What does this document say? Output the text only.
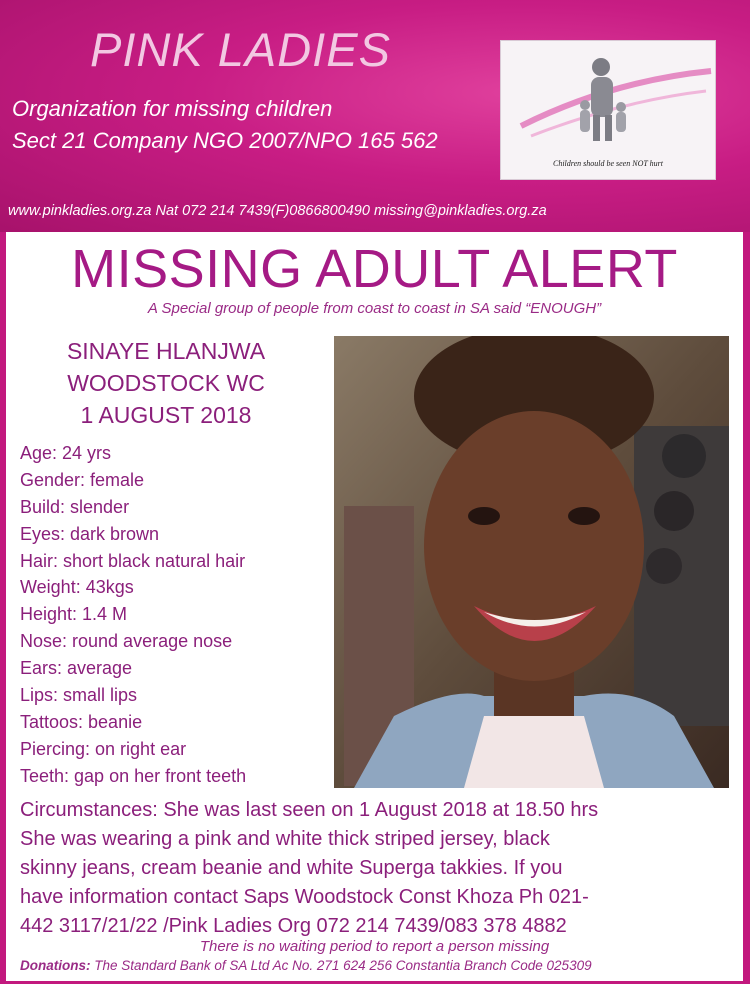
PINK LADIES
Organization for missing children
Sect 21 Company NGO 2007/NPO 165 562
Children should be seen NOT hurt
www.pinkladies.org.za Nat 072 214 7439(F)0866800490 missing@pinkladies.org.za
MISSING ADULT ALERT
A Special group of people from coast to coast in SA said “ENOUGH”
SINAYE HLANJWA
WOODSTOCK WC
1 AUGUST 2018
Age: 24 yrs
Gender: female
Build: slender
Eyes: dark brown
Hair: short black natural hair
Weight: 43kgs
Height: 1.4 M
Nose: round average nose
Ears: average
Lips: small lips
Tattoos: beanie
Piercing: on right ear
Teeth: gap on her front teeth
Circumstances: She was last seen on 1 August 2018 at 18.50 hrs
She was wearing a pink and white thick striped jersey, black
skinny jeans, cream beanie and white Superga takkies. If you
have information contact Saps Woodstock Const Khoza Ph 021-
442 3117/21/22 /Pink Ladies Org 072 214 7439/083 378 4882
There is no waiting period to report a person missing
Donations: The Standard Bank of SA Ltd Ac No. 271 624 256 Constantia Branch Code 025309
